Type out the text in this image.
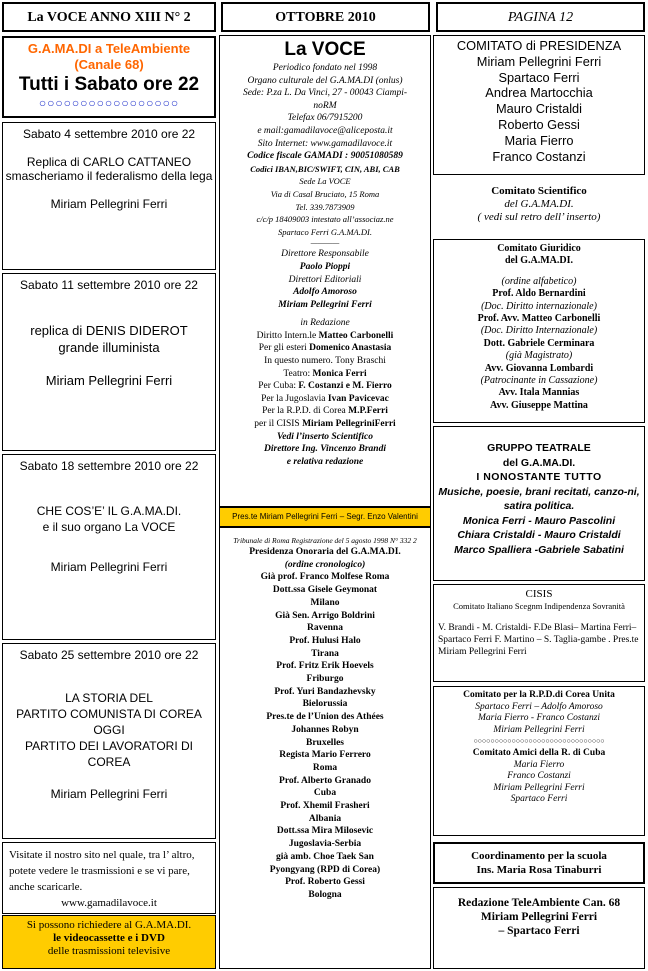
La VOCE ANNO XIII N° 2	OTTOBRE 2010	PAGINA 12
G.A.MA.DI a TeleAmbiente
(Canale 68)
Tutti i Sabato ore 22
○○○○○○○○○○○○○○○○○
Sabato 4 settembre 2010 ore 22
Replica di CARLO CATTANEO
smascheriamo il federalismo della lega
Miriam Pellegrini Ferri
Sabato 11 settembre 2010 ore 22
replica di DENIS DIDEROT
grande illuminista
Miriam Pellegrini Ferri
Sabato 18 settembre 2010 ore 22
CHE COS’E’ IL G.A.MA.DI.
e il suo organo La VOCE
Miriam Pellegrini Ferri
Sabato 25 settembre 2010 ore 22
LA STORIA DEL
PARTITO COMUNISTA DI COREA
OGGI
PARTITO DEI LAVORATORI DI
COREA
Miriam Pellegrini Ferri
Visitate il nostro sito nel quale, tra l’ altro, potete vedere le trasmissioni e se vi pare, anche scaricarle.
www.gamadilavoce.it
Si possono richiedere al G.A.MA.DI.
le videocassette e i DVD
delle trasmissioni televisive
La VOCE
Periodico fondato nel 1998
Organo culturale del G.A.MA.DI (onlus)
Sede: P.za L. Da Vinci, 27 - 00043 Ciampi-
noRM
Telefax 06/7915200
e mail:gamadilavoce@aliceposta.it
Sito Internet: www.gamadilavoce.it
Codice fiscale GAMADI : 90051080589
Codici IBAN,BIC/SWIFT, CIN, ABI, CAB
Sede La VOCE
Via di Casal Bruciato, 15 Roma
Tel. 339.7873909
c/c/p 18409003 intestato all’associaz.ne
Spartaco Ferri G.A.MA.DI.
————
Direttore Responsabile
Paolo Pioppi
Direttori Editoriali
Adolfo Amoroso
Miriam Pellegrini Ferri
in Redazione
Diritto Intern.le Matteo Carbonelli
Per gli esteri Domenico Anastasia
In questo numero. Tony Braschi
Teatro: Monica Ferri
Per Cuba: F. Costanzi e M. Fierro
Per la Jugoslavia Ivan Pavicevac
Per la R.P.D. di Corea M.P.Ferri
per il CISIS Miriam PellegriniFerri
Vedi l’inserto Scientifico
Direttore Ing. Vincenzo Brandi
e relativa redazione
Pres.te Miriam Pellegrini Ferri – Segr. Enzo Valentini
Tribunale di Roma Registrazione del 5 agosto 1998 N° 332 2
Presidenza Onoraria del G.A.MA.DI.
(ordine cronologico)
Già prof. Franco Molfese Roma
Dott.ssa Gisele Geymonat
Milano
Già Sen. Arrigo Boldrini
Ravenna
Prof. Hulusi Halo
Tirana
Prof. Fritz Erik Hoevels
Friburgo
Prof. Yuri Bandazhevsky
Bielorussia
Pres.te de l’Union des Athées
Johannes Robyn
Bruxelles
Regista Mario Ferrero
Roma
Prof. Alberto Granado
Cuba
Prof. Xhemil Frasheri
Albania
Dott.ssa Mira Milosevic
Jugoslavia-Serbia
già amb. Choe Taek San
Pyongyang (RPD di Corea)
Prof. Roberto Gessi
Bologna
COMITATO di PRESIDENZA
Miriam Pellegrini Ferri
Spartaco Ferri
Andrea Martocchia
Mauro Cristaldi
Roberto Gessi
Maria Fierro
Franco Costanzi
Comitato Scientifico
del G.A.MA.DI.
( vedi sul retro dell’ inserto)
Comitato Giuridico
del G.A.MA.DI.
(ordine alfabetico)
Prof. Aldo Bernardini
(Doc. Diritto internazionale)
Prof. Avv. Matteo Carbonelli
(Doc. Diritto Internazionale)
Dott. Gabriele Cerminara
(già Magistrato)
Avv. Giovanna Lombardi
(Patrocinante in Cassazione)
Avv. Itala Mannias
Avv. Giuseppe Mattina
GRUPPO TEATRALE
del G.A.MA.DI.
I NONOSTANTE TUTTO
Musiche, poesie, brani recitati, canzo-ni, satira politica.
Monica Ferri - Mauro Pascolini
Chiara Cristaldi - Mauro Cristaldi
Marco Spalliera -Gabriele Sabatini
CISIS
Comitato Italiano Scegnm Indipendenza Sovranità
V. Brandi - M. Cristaldi- F.De Blasi– Martina Ferri– Spartaco Ferri F. Martino – S. Taglia-gambe . Pres.te Miriam Pellegrini Ferri
Comitato per la R.P.D.di Corea Unita
Spartaco Ferri – Adolfo Amoroso
Maria Fierro - Franco Costanzi
Miriam Pellegrini Ferri
○○○○○○○○○○○○○○○○○○○○○○○○○○○○○○○
Comitato Amici della R. di Cuba
Maria Fierro
Franco Costanzi
Miriam Pellegrini Ferri
Spartaco Ferri
Coordinamento per la scuola
Ins. Maria Rosa Tinaburri
Redazione TeleAmbiente Can. 68
Miriam Pellegrini Ferri
– Spartaco Ferri
